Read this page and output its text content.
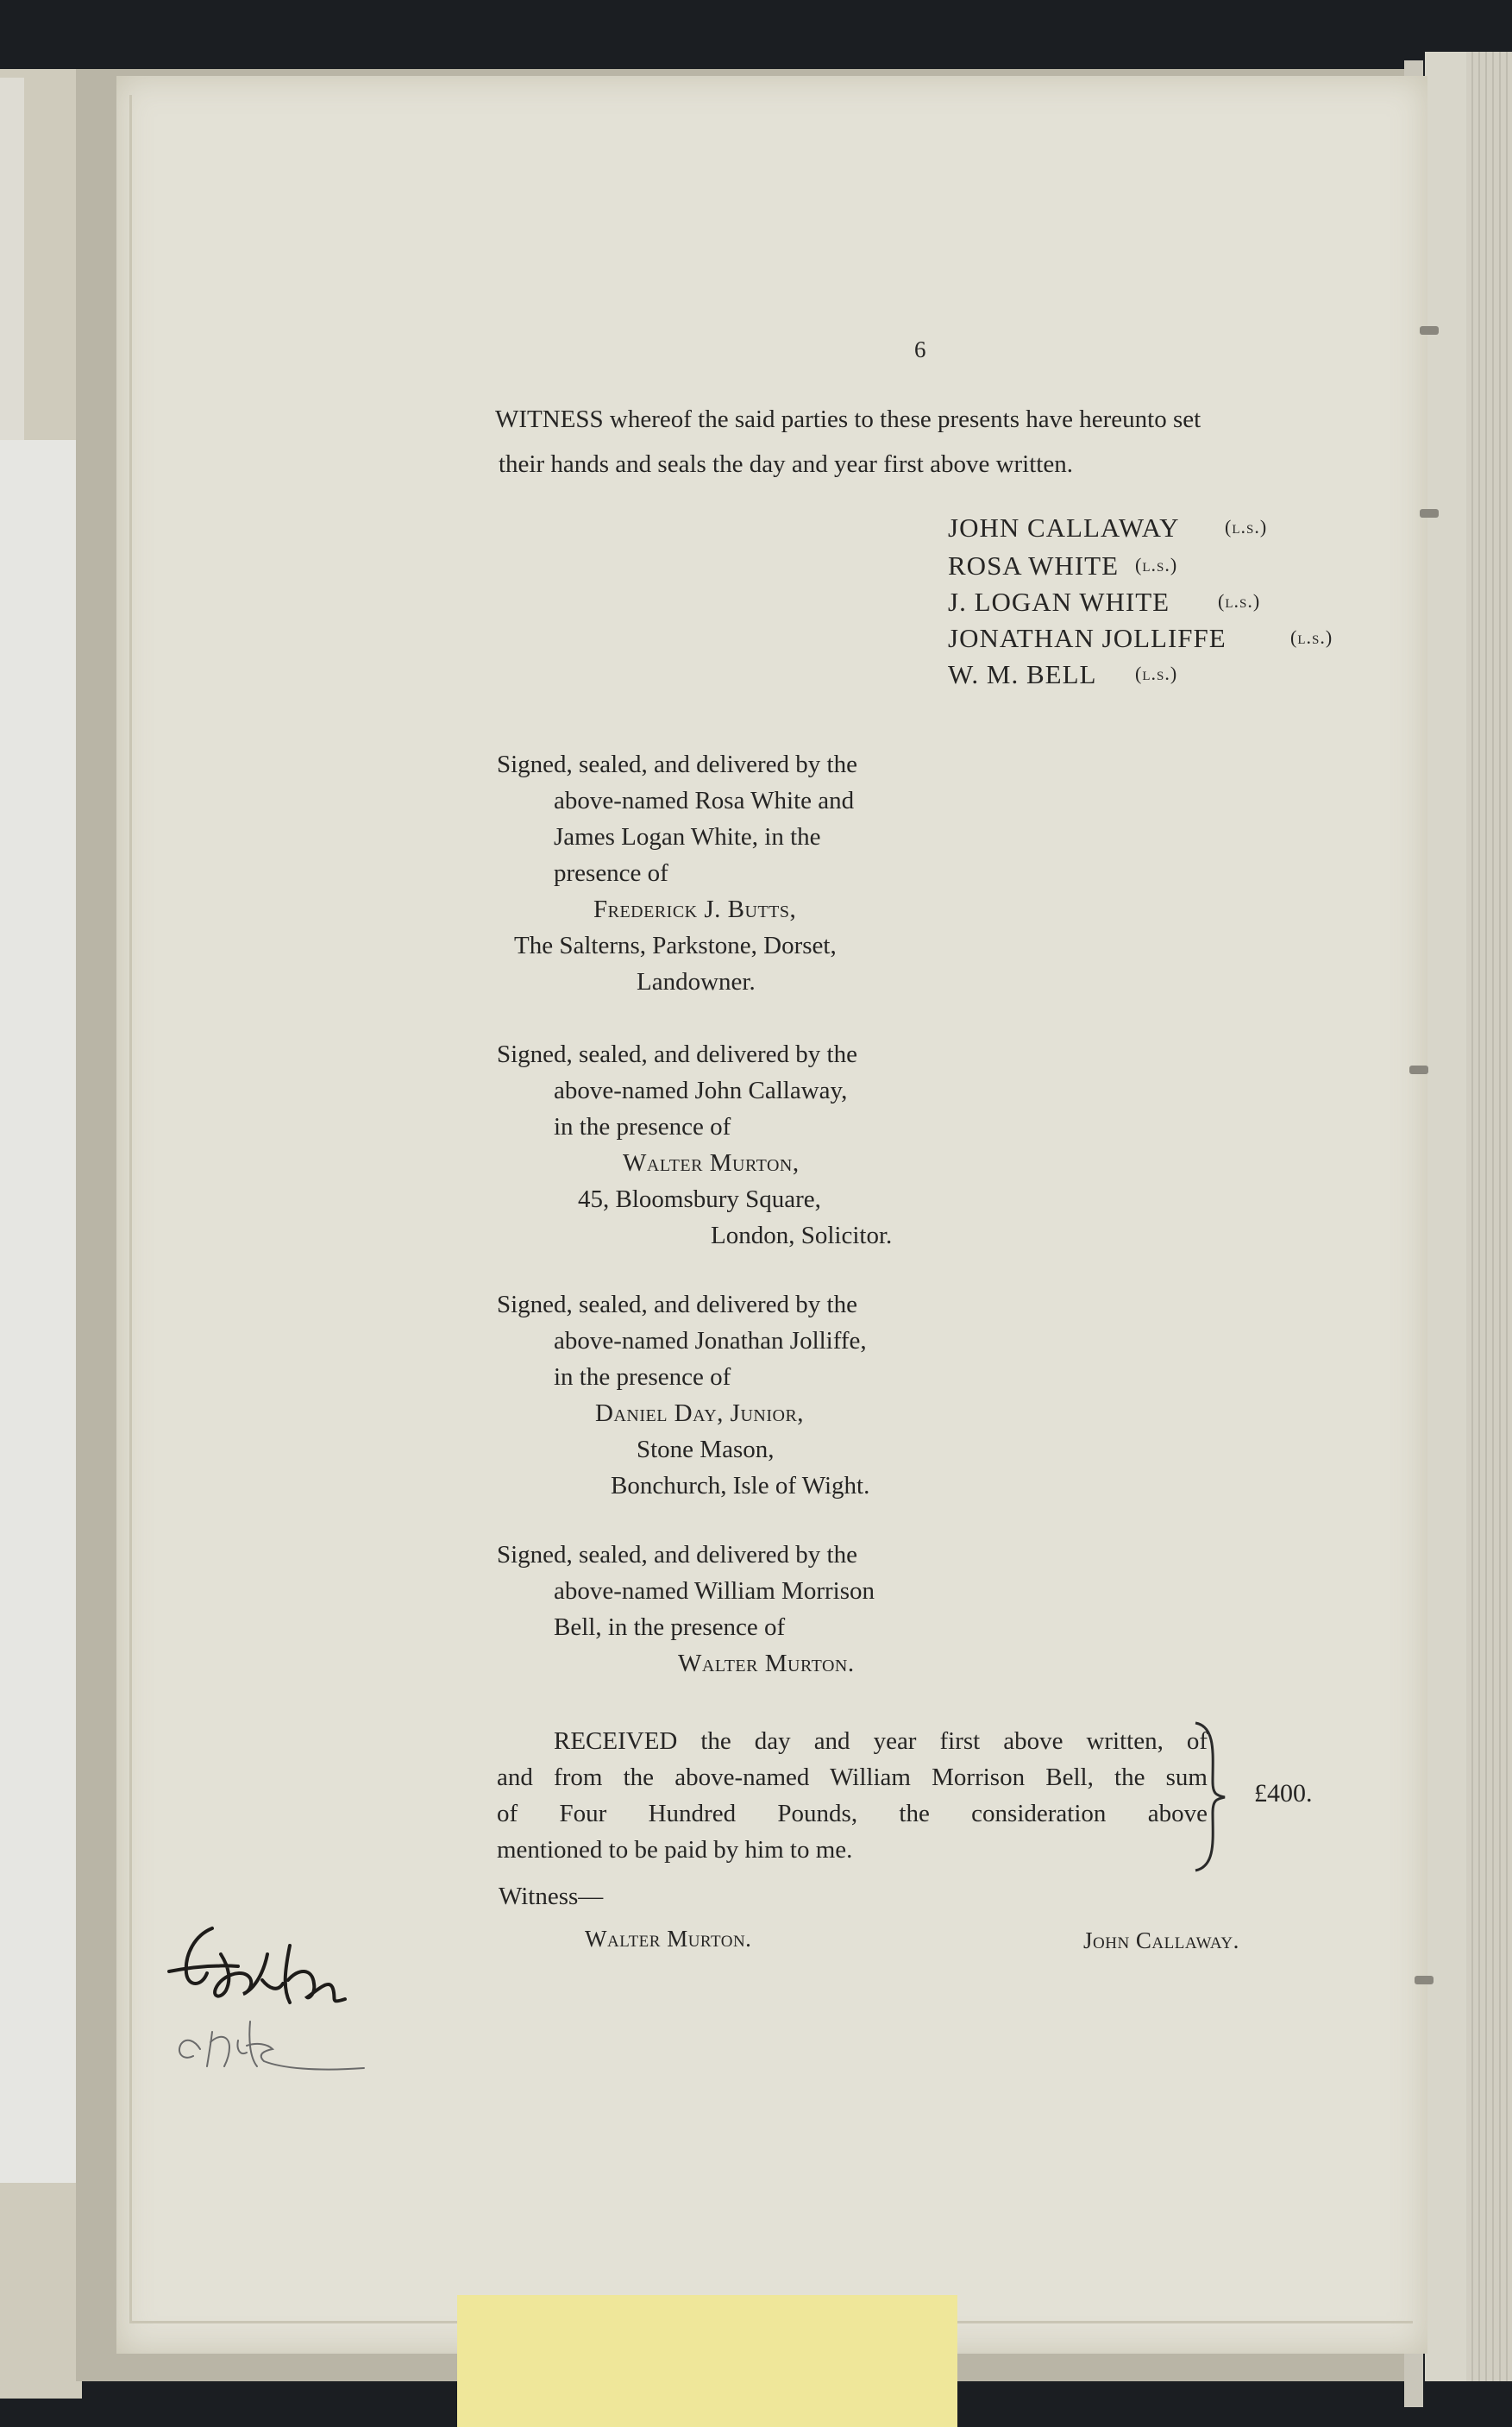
6
WITNESS whereof the said parties to these presents have hereunto set
their hands and seals the day and year first above written.
JOHN CALLAWAY (l.s.)
ROSA WHITE (l.s.)
J. LOGAN WHITE	(l.s.)
JONATHAN JOLLIFFE	(l.s.)
W. M. BELL (l.s.)
Signed, sealed, and delivered by the
above-named Rosa White and
James Logan White, in the
presence of
Frederick J. Butts,
The Salterns, Parkstone, Dorset,
Landowner.
Signed, sealed, and delivered by the
above-named John Callaway,
in the presence of
Walter Murton,
45, Bloomsbury Square,
London, Solicitor.
Signed, sealed, and delivered by the
above-named Jonathan Jolliffe,
in the presence of
Daniel Day, Junior,
Stone Mason,
Bonchurch, Isle of Wight.
Signed, sealed, and delivered by the
above-named William Morrison
Bell, in the presence of
Walter Murton.
RECEIVED the day and year first above written, of
and from the above-named William Morrison Bell, the sum
of Four Hundred Pounds, the consideration above
mentioned to be paid by him to me.
£400.
Witness—
Walter Murton.	John Callaway.
